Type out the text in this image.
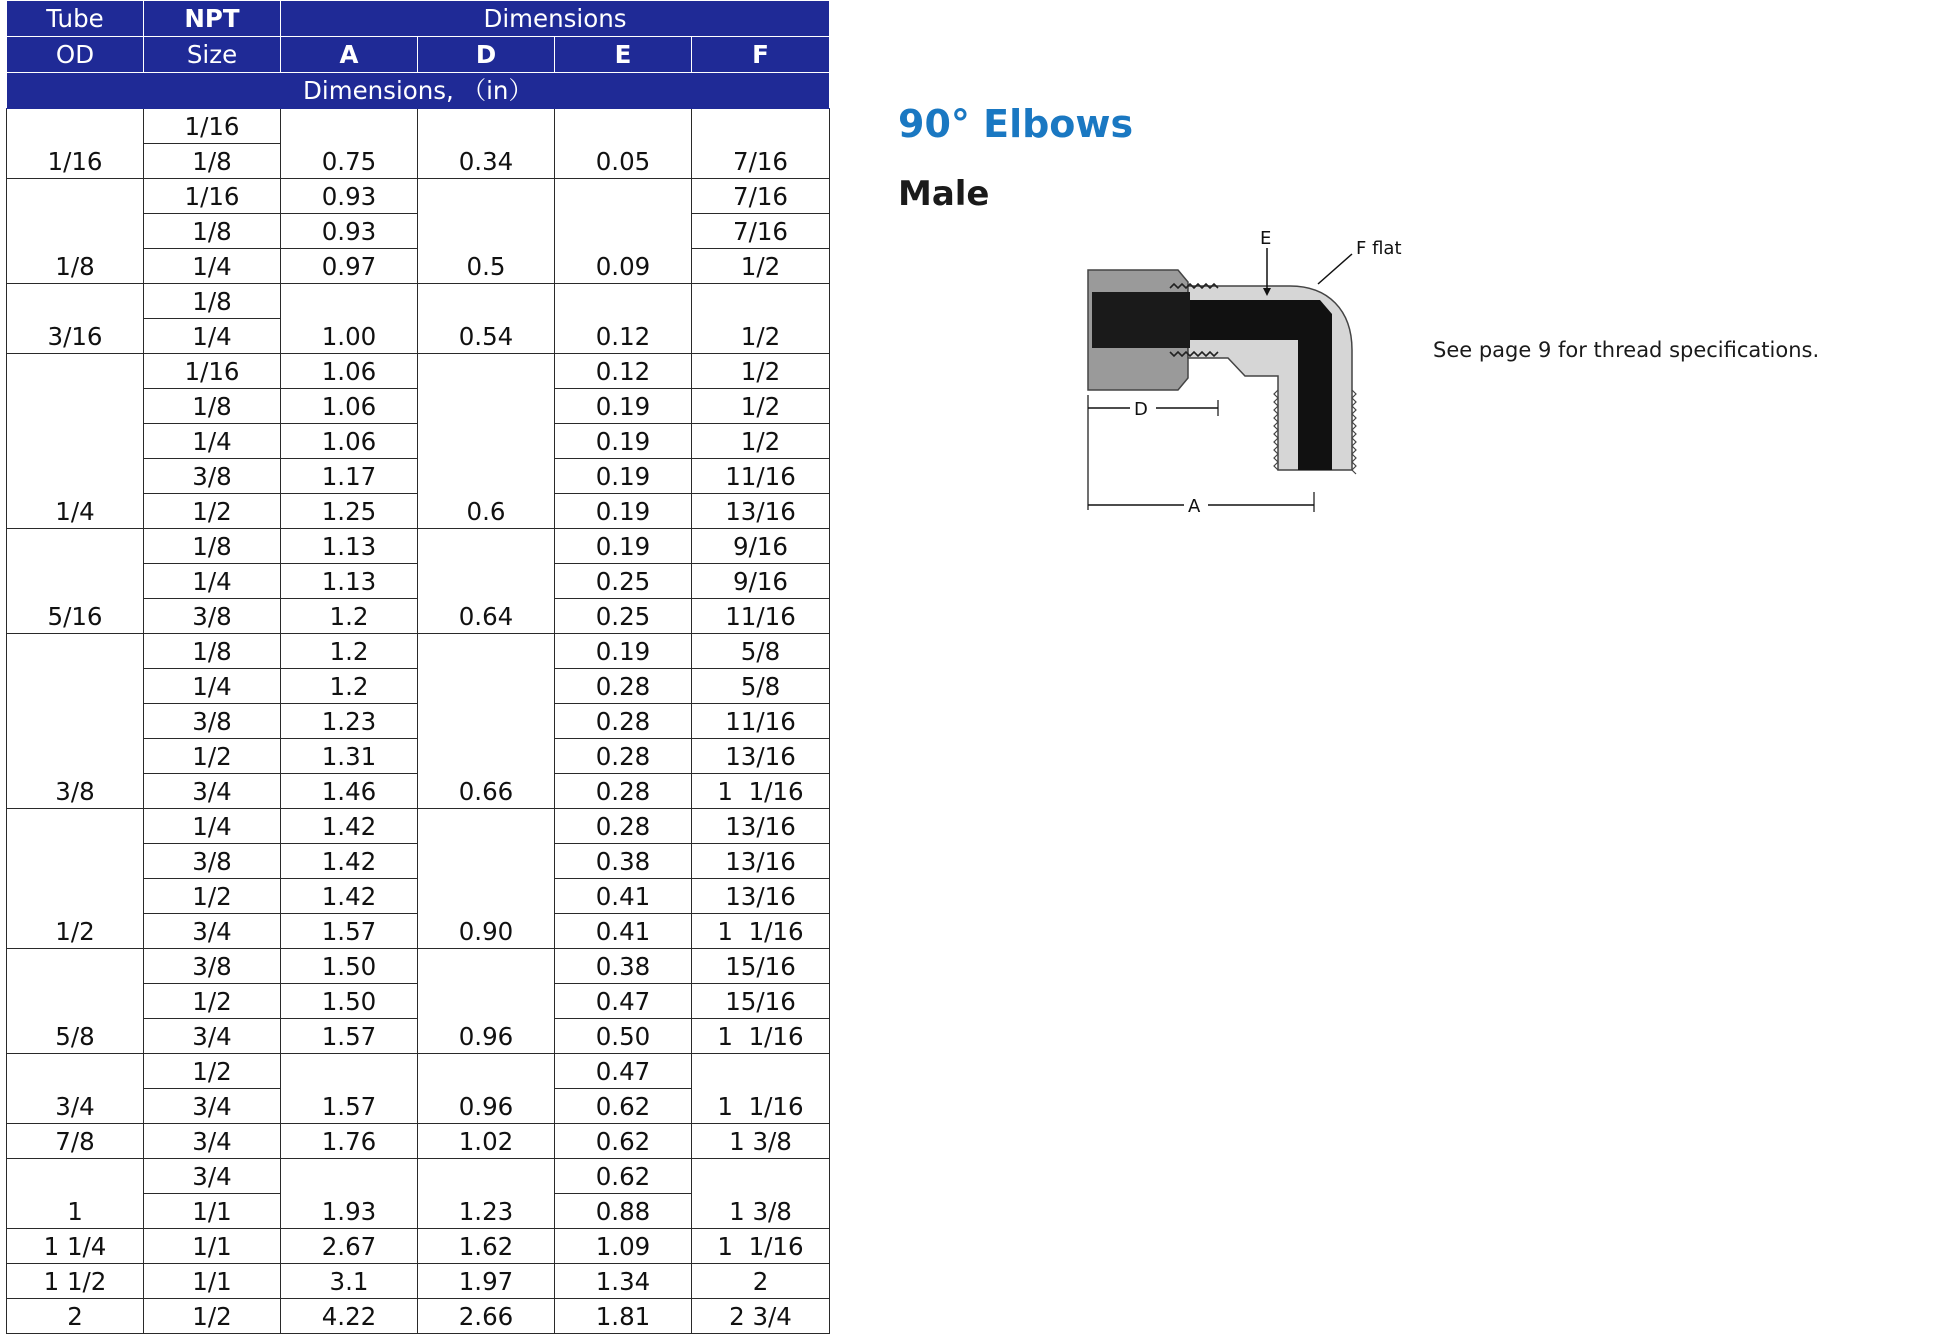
Tube	NPT	Dimensions			
OD	Size	A	D	E	F
Dimensions, （in）					
1/16	1/16	0.75	0.34	0.05	7/16
	1/8				
1/8	1/16	0.93	0.5	0.09	7/16
	1/8	0.93			7/16
	1/4	0.97			1/2
3/16	1/8	1.00	0.54	0.12	1/2
	1/4				
1/4	1/16	1.06	0.6	0.12	1/2
	1/8	1.06		0.19	1/2
	1/4	1.06		0.19	1/2
	3/8	1.17		0.19	11/16
	1/2	1.25		0.19	13/16
5/16	1/8	1.13	0.64	0.19	9/16
	1/4	1.13		0.25	9/16
	3/8	1.2		0.25	11/16
3/8	1/8	1.2	0.66	0.19	5/8
	1/4	1.2		0.28	5/8
	3/8	1.23		0.28	11/16
	1/2	1.31		0.28	13/16
	3/4	1.46		0.28	1  1/16
1/2	1/4	1.42	0.90	0.28	13/16
	3/8	1.42		0.38	13/16
	1/2	1.42		0.41	13/16
	3/4	1.57		0.41	1  1/16
5/8	3/8	1.50	0.96	0.38	15/16
	1/2	1.50		0.47	15/16
	3/4	1.57		0.50	1  1/16
3/4	1/2	1.57	0.96	0.47	1  1/16
	3/4			0.62	
7/8	3/4	1.76	1.02	0.62	1 3/8
1	3/4	1.93	1.23	0.62	1 3/8
	1/1			0.88	
1 1/4	1/1	2.67	1.62	1.09	1  1/16
1 1/2	1/1	3.1	1.97	1.34	2
2	1/2	4.22	2.66	1.81	2 3/4
90° Elbows
Male
See page 9 for thread specifications.
E	F flat
D
A
